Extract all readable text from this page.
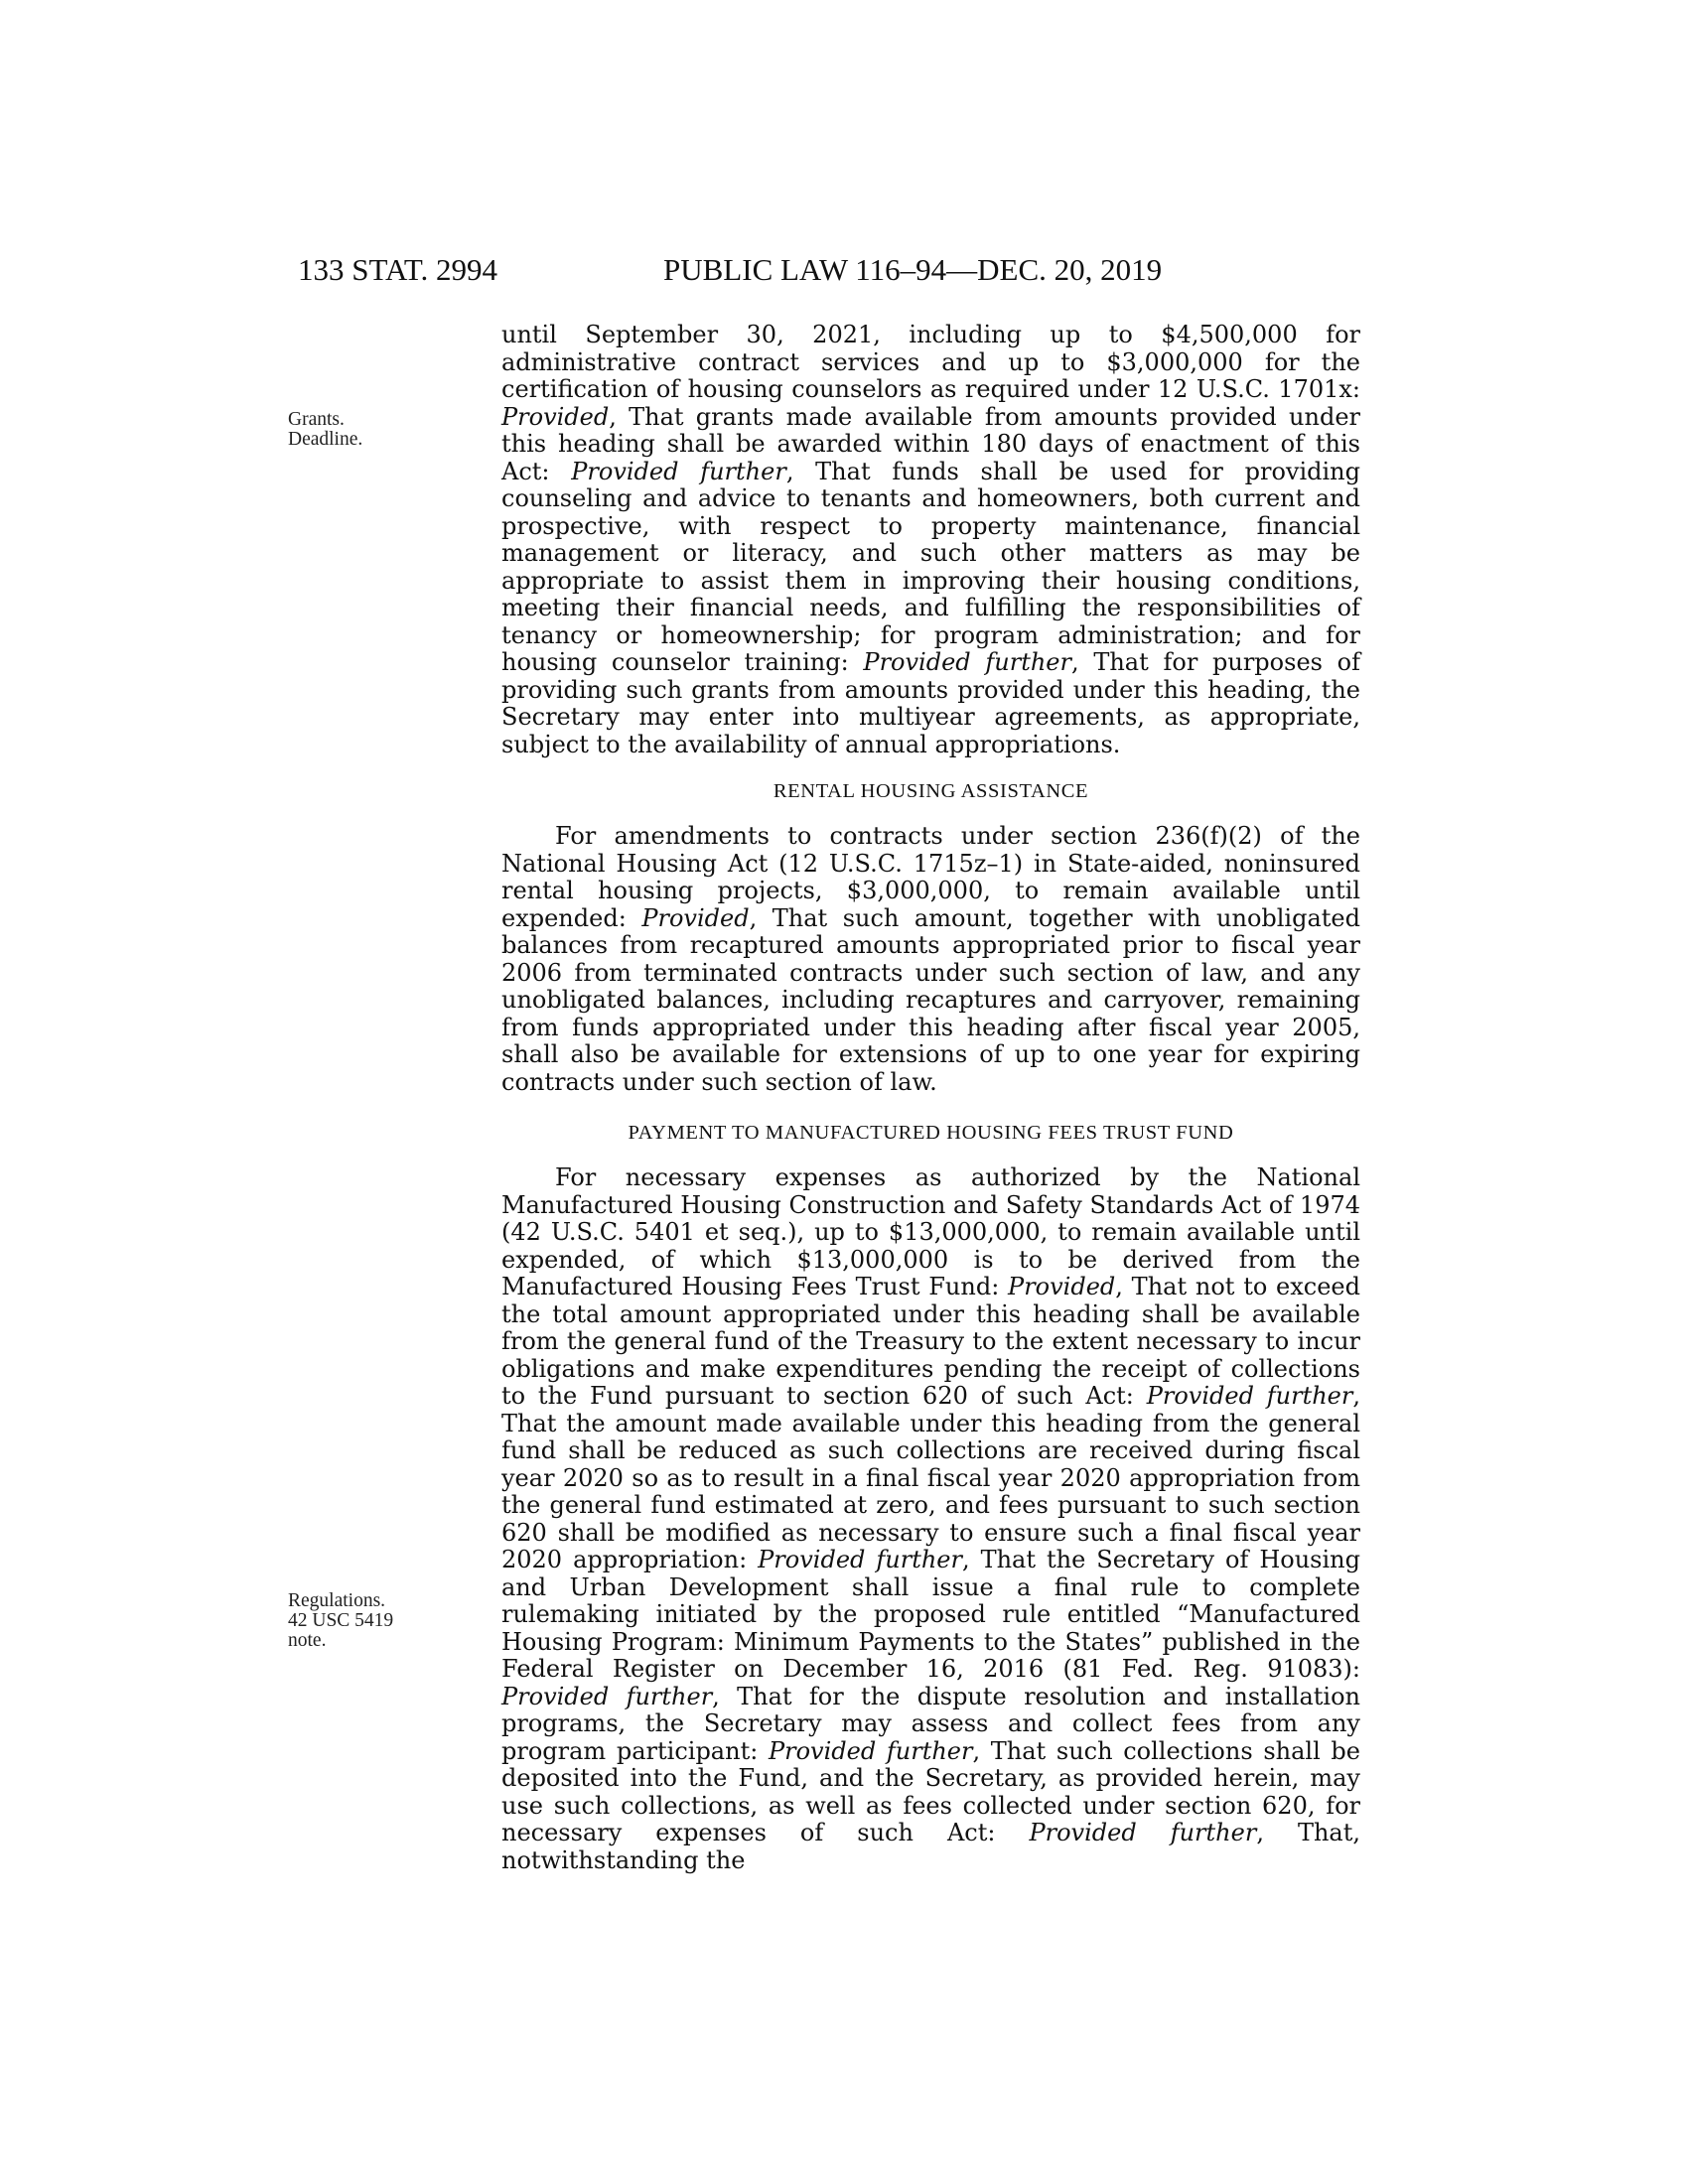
133 STAT. 2994	PUBLIC LAW 116–94—DEC. 20, 2019
Grants.
Deadline.
Regulations.
42 USC 5419
note.

until September 30, 2021, including up to $4,500,000 for administrative contract services and up to $3,000,000 for the certification of housing counselors as required under 12 U.S.C. 1701x: Provided, That grants made available from amounts provided under this heading shall be awarded within 180 days of enactment of this Act: Provided further, That funds shall be used for providing counseling and advice to tenants and homeowners, both current and prospective, with respect to property maintenance, financial management or literacy, and such other matters as may be appropriate to assist them in improving their housing conditions, meeting their financial needs, and fulfilling the responsibilities of tenancy or homeownership; for program administration; and for housing counselor training: Provided further, That for purposes of providing such grants from amounts provided under this heading, the Secretary may enter into multiyear agreements, as appropriate, subject to the availability of annual appropriations.

RENTAL HOUSING ASSISTANCE

For amendments to contracts under section 236(f)(2) of the National Housing Act (12 U.S.C. 1715z–1) in State-aided, noninsured rental housing projects, $3,000,000, to remain available until expended: Provided, That such amount, together with unobligated balances from recaptured amounts appropriated prior to fiscal year 2006 from terminated contracts under such section of law, and any unobligated balances, including recaptures and carryover, remaining from funds appropriated under this heading after fiscal year 2005, shall also be available for extensions of up to one year for expiring contracts under such section of law.

PAYMENT TO MANUFACTURED HOUSING FEES TRUST FUND

For necessary expenses as authorized by the National Manufactured Housing Construction and Safety Standards Act of 1974 (42 U.S.C. 5401 et seq.), up to $13,000,000, to remain available until expended, of which $13,000,000 is to be derived from the Manufactured Housing Fees Trust Fund: Provided, That not to exceed the total amount appropriated under this heading shall be available from the general fund of the Treasury to the extent necessary to incur obligations and make expenditures pending the receipt of collections to the Fund pursuant to section 620 of such Act: Provided further, That the amount made available under this heading from the general fund shall be reduced as such collections are received during fiscal year 2020 so as to result in a final fiscal year 2020 appropriation from the general fund estimated at zero, and fees pursuant to such section 620 shall be modified as necessary to ensure such a final fiscal year 2020 appropriation: Provided further, That the Secretary of Housing and Urban Development shall issue a final rule to complete rulemaking initiated by the proposed rule entitled “Manufactured Housing Program: Minimum Payments to the States” published in the Federal Register on December 16, 2016 (81 Fed. Reg. 91083): Provided further, That for the dispute resolution and installation programs, the Secretary may assess and collect fees from any program participant: Provided further, That such collections shall be deposited into the Fund, and the Secretary, as provided herein, may use such collections, as well as fees collected under section 620, for necessary expenses of such Act: Provided further, That, notwithstanding the
